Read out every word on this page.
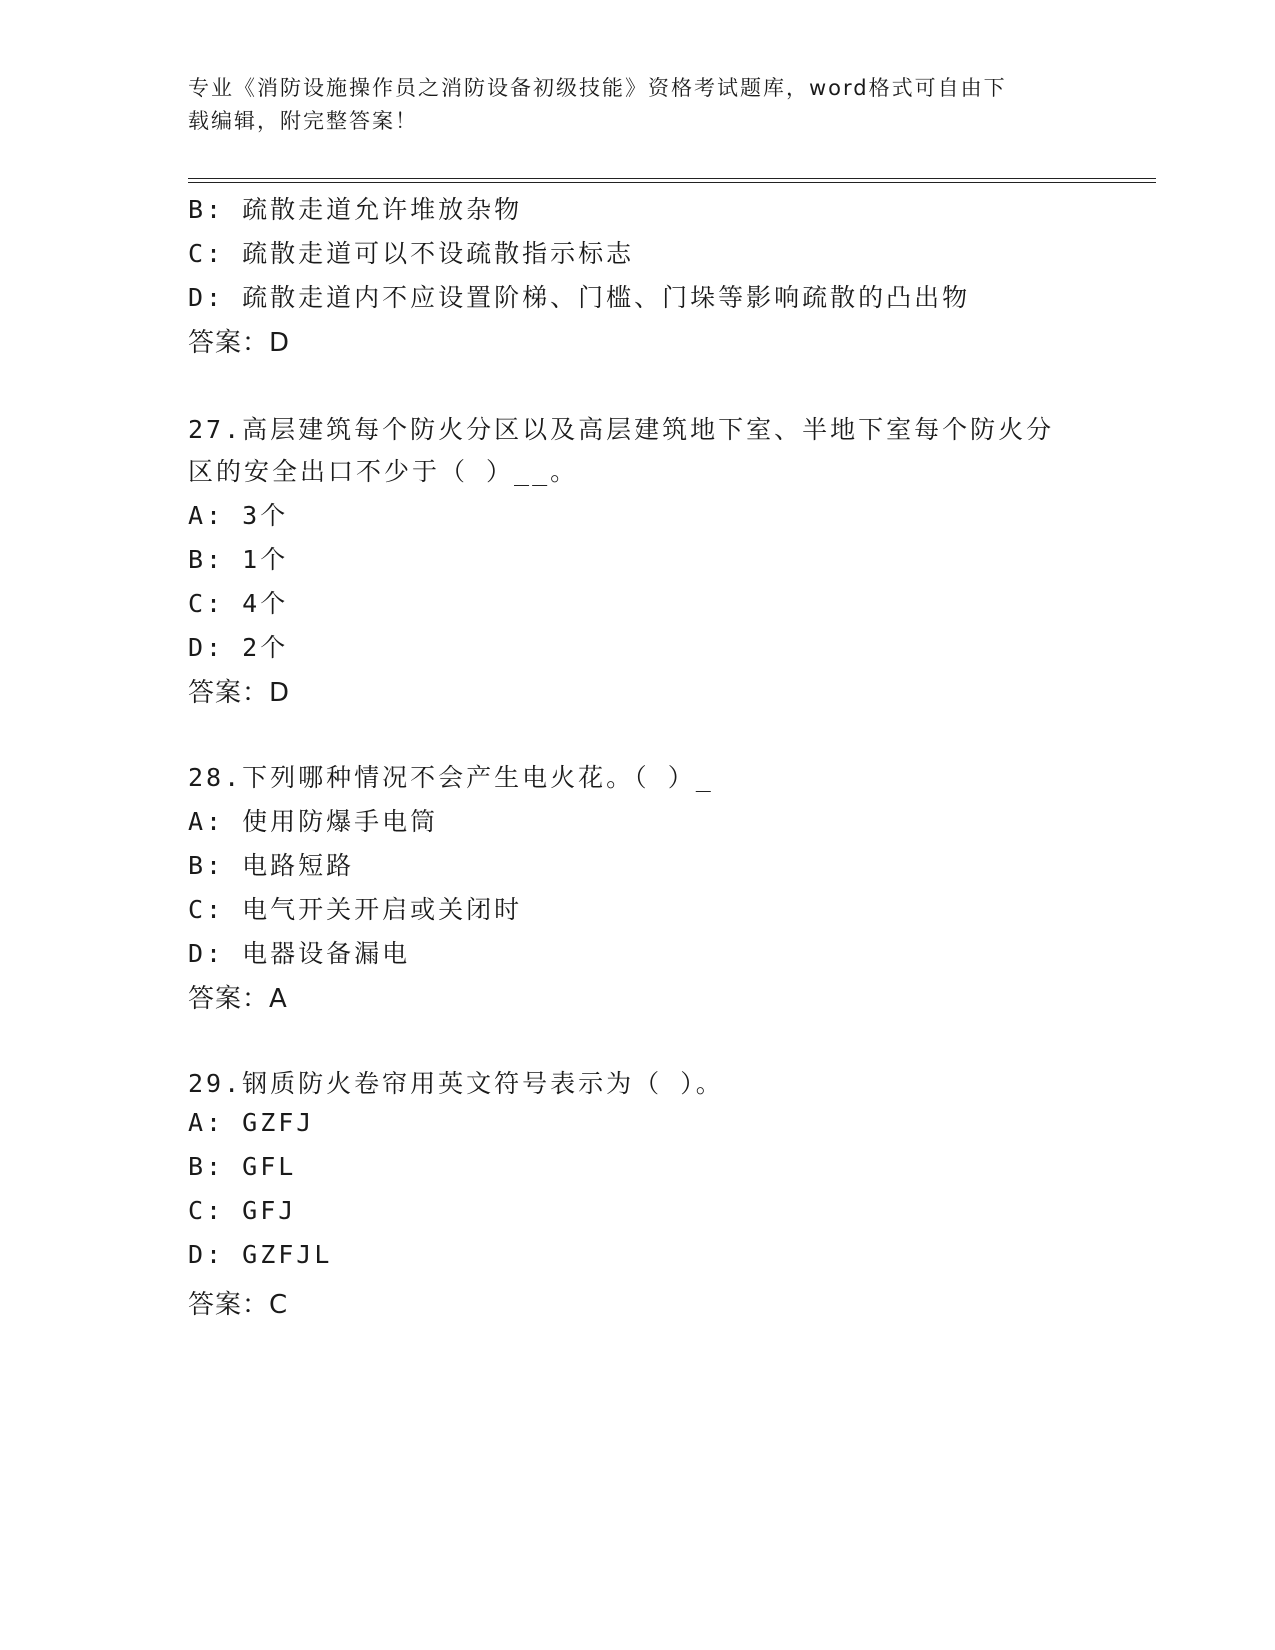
专业《消防设施操作员之消防设备初级技能》资格考试题库，word格式可自由下
载编辑，附完整答案！
B: 疏散走道允许堆放杂物
C: 疏散走道可以不设疏散指示标志
D: 疏散走道内不应设置阶梯、门槛、门垛等影响疏散的凸出物
答案：D
27.高层建筑每个防火分区以及高层建筑地下室、半地下室每个防火分
区的安全出口不少于（ ）__。
A: 3个
B: 1个
C: 4个
D: 2个
答案：D
28.下列哪种情况不会产生电火花。（ ）_
A: 使用防爆手电筒
B: 电路短路
C: 电气开关开启或关闭时
D: 电器设备漏电
答案：A
29.钢质防火卷帘用英文符号表示为（ ）。
A: GZFJ
B: GFL
C: GFJ
D: GZFJL
答案：C
